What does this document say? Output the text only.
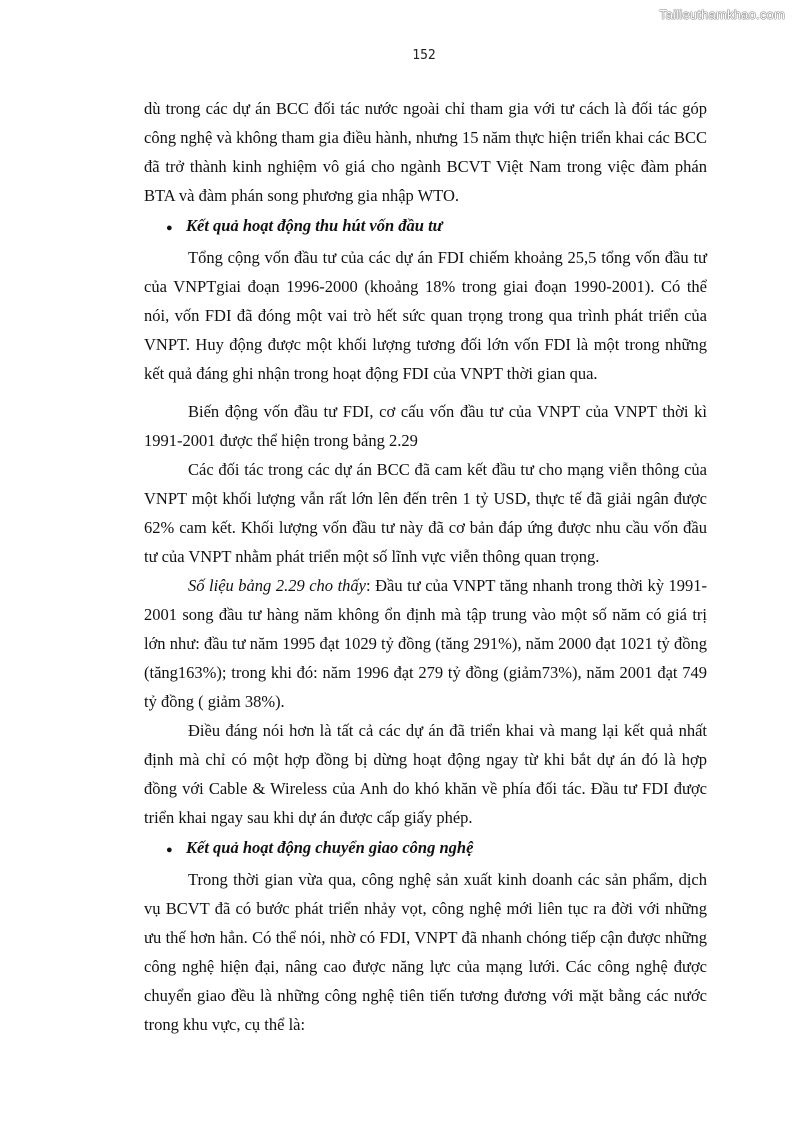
Tailieuthamkhao.com
152

dù trong các dự án BCC đối tác nước ngoài chỉ tham gia với tư cách là đối tác góp công nghệ và không tham gia điều hành, nhưng 15 năm thực hiện triển khai các BCC đã trở thành kinh nghiệm vô giá cho ngành BCVT Việt Nam trong việc đàm phán BTA và đàm phán song phương gia nhập WTO.

● Kết quả hoạt động thu hút vốn đầu tư

Tổng cộng vốn đầu tư của các dự án FDI chiếm khoảng 25,5 tổng vốn đầu tư của VNPTgiai đoạn 1996-2000 (khoảng 18% trong giai đoạn 1990-2001). Có thể nói, vốn FDI đã đóng một vai trò hết sức quan trọng trong qua trình phát triển của VNPT. Huy động được một khối lượng tương đối lớn vốn FDI là một trong những kết quả đáng ghi nhận trong hoạt động FDI của VNPT thời gian qua.

Biến động vốn đầu tư FDI, cơ cấu vốn đầu tư của VNPT của VNPT thời kì 1991-2001 được thể hiện trong bảng 2.29

Các đối tác trong các dự án BCC đã cam kết đầu tư cho mạng viễn thông của VNPT một khối lượng vẫn rất lớn lên đến trên 1 tỷ USD, thực tế đã giải ngân được 62% cam kết. Khối lượng vốn đầu tư này đã cơ bản đáp ứng được nhu cầu vốn đầu tư của VNPT nhằm phát triển một số lĩnh vực viễn thông quan trọng.

Số liệu bảng 2.29 cho thấy: Đầu tư của VNPT tăng nhanh trong thời kỳ 1991- 2001 song đầu tư hàng năm không ổn định mà tập trung vào một số năm có giá trị lớn như: đầu tư năm 1995 đạt 1029 tỷ đồng (tăng 291%), năm 2000 đạt 1021 tỷ đồng (tăng163%); trong khi đó: năm 1996 đạt 279 tỷ đồng (giảm73%), năm 2001 đạt 749 tỷ đồng ( giảm 38%).

Điều đáng nói hơn là tất cả các dự án đã triển khai và mang lại kết quả nhất định mà chỉ có một hợp đồng bị dừng hoạt động ngay từ khi bắt dự án đó là hợp đồng với Cable & Wireless của Anh do khó khăn về phía đối tác. Đầu tư FDI được triển khai ngay sau khi dự án được cấp giấy phép.

● Kết quả hoạt động chuyển giao công nghệ

Trong thời gian vừa qua, công nghệ sản xuất kinh doanh các sản phẩm, dịch vụ BCVT đã có bước phát triển nhảy vọt, công nghệ mới liên tục ra đời với những ưu thế hơn hẳn. Có thể nói, nhờ có FDI, VNPT đã nhanh chóng tiếp cận được những công nghệ hiện đại, nâng cao được năng lực của mạng lưới. Các công nghệ được chuyển giao đều là những công nghệ tiên tiến tương đương với mặt bằng các nước trong khu vực, cụ thể là:
